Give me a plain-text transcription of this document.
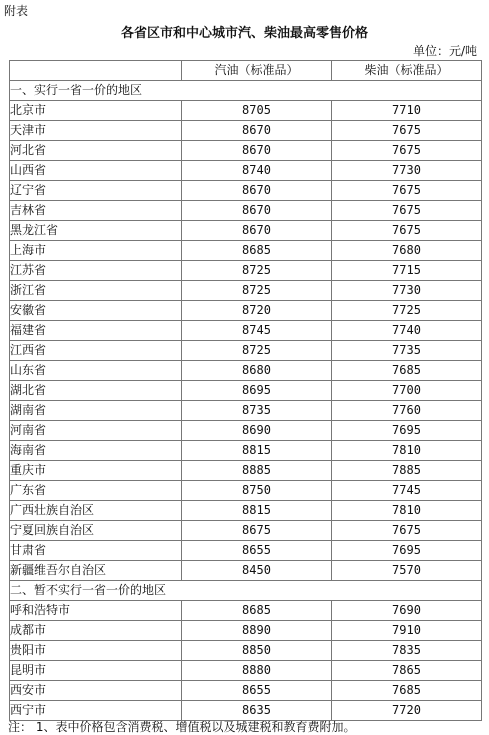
附表
各省区市和中心城市汽、柴油最高零售价格
单位：元/吨
	汽油（标准品）	柴油（标准品）
一、实行一省一价的地区		
北京市	8705	7710
天津市	8670	7675
河北省	8670	7675
山西省	8740	7730
辽宁省	8670	7675
吉林省	8670	7675
黑龙江省	8670	7675
上海市	8685	7680
江苏省	8725	7715
浙江省	8725	7730
安徽省	8720	7725
福建省	8745	7740
江西省	8725	7735
山东省	8680	7685
湖北省	8695	7700
湖南省	8735	7760
河南省	8690	7695
海南省	8815	7810
重庆市	8885	7885
广东省	8750	7745
广西壮族自治区	8815	7810
宁夏回族自治区	8675	7675
甘肃省	8655	7695
新疆维吾尔自治区	8450	7570
二、暂不实行一省一价的地区		
呼和浩特市	8685	7690
成都市	8890	7910
贵阳市	8850	7835
昆明市	8880	7865
西安市	8655	7685
西宁市	8635	7720
注： 1、表中价格包含消费税、增值税以及城建税和教育费附加。
